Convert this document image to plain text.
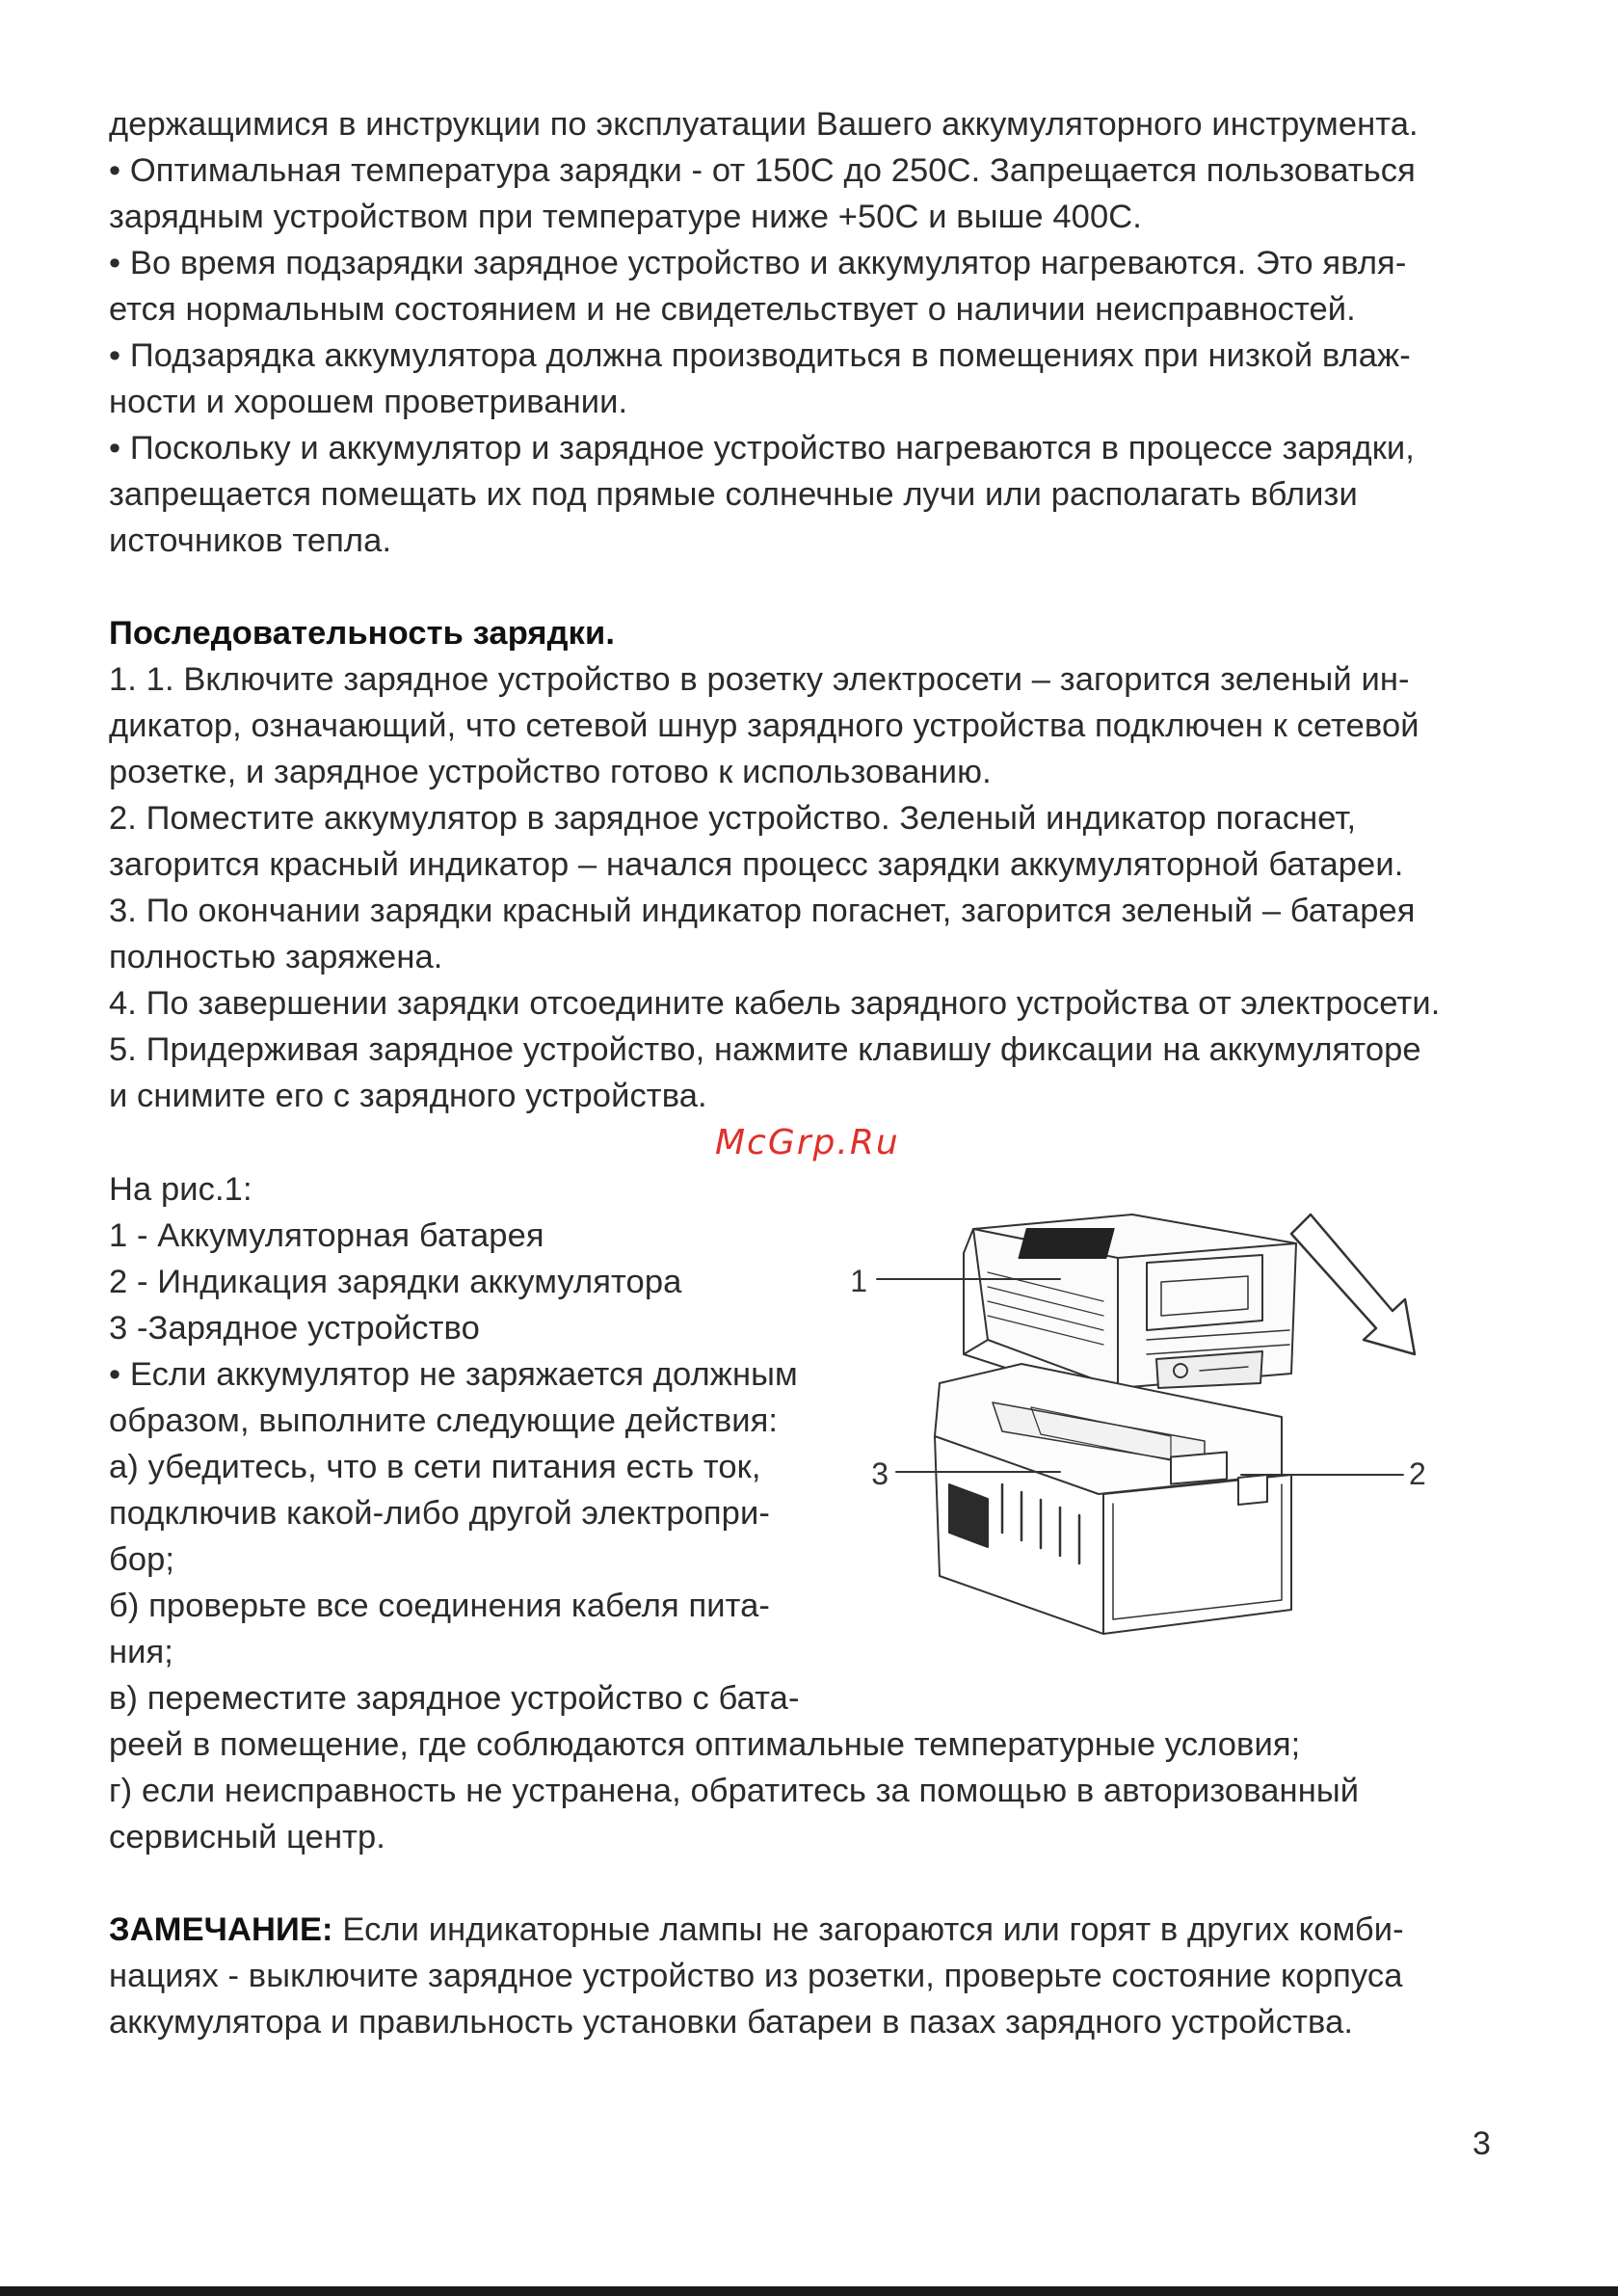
держащимися в инструкции по эксплуатации Вашего аккумуляторного инструмента.
• Оптимальная температура зарядки - от 150С до 250С. Запрещается пользоваться
зарядным устройством при температуре ниже +50С и выше 400С.
• Во время подзарядки зарядное устройство и аккумулятор нагреваются. Это явля-
ется нормальным состоянием и не свидетельствует о наличии неисправностей.
• Подзарядка аккумулятора должна производиться в помещениях при низкой влаж-
ности и хорошем проветривании.
• Поскольку и аккумулятор и зарядное устройство нагреваются в процессе зарядки,
запрещается помещать их под прямые солнечные лучи или располагать вблизи
источников тепла.
Последовательность зарядки.
1. 1. Включите зарядное устройство в розетку электросети – загорится зеленый ин-
дикатор, означающий, что сетевой шнур зарядного устройства подключен к сетевой
розетке, и зарядное устройство готово к использованию.
2. Поместите аккумулятор в зарядное устройство. Зеленый индикатор погаснет,
загорится красный индикатор – начался процесс зарядки аккумуляторной батареи.
3. По окончании зарядки красный индикатор погаснет, загорится зеленый – батарея
полностью заряжена.
4. По завершении зарядки отсоедините кабель зарядного устройства от электросети.
5. Придерживая зарядное устройство, нажмите клавишу фиксации на аккумуляторе
и снимите его с зарядного устройства.
McGrp.Ru
На рис.1:
1 - Аккумуляторная батарея
2 - Индикация зарядки аккумулятора
3 -Зарядное устройство
• Если аккумулятор не заряжается должным
образом, выполните следующие действия:
а) убедитесь, что в сети питания есть ток,
подключив какой-либо другой электропри-
бор;
б) проверьте все соединения кабеля пита-
ния;
в) переместите зарядное устройство с бата-
реей в помещение, где соблюдаются оптимальные температурные условия;
г) если неисправность не устранена, обратитесь за помощью в авторизованный
сервисный центр.
ЗАМЕЧАНИЕ: Если индикаторные лампы не загораются или горят в других комби-
нациях - выключите зарядное устройство из розетки, проверьте состояние корпуса
аккумулятора и правильность установки батареи в пазах зарядного устройства.
1
3	2
3
